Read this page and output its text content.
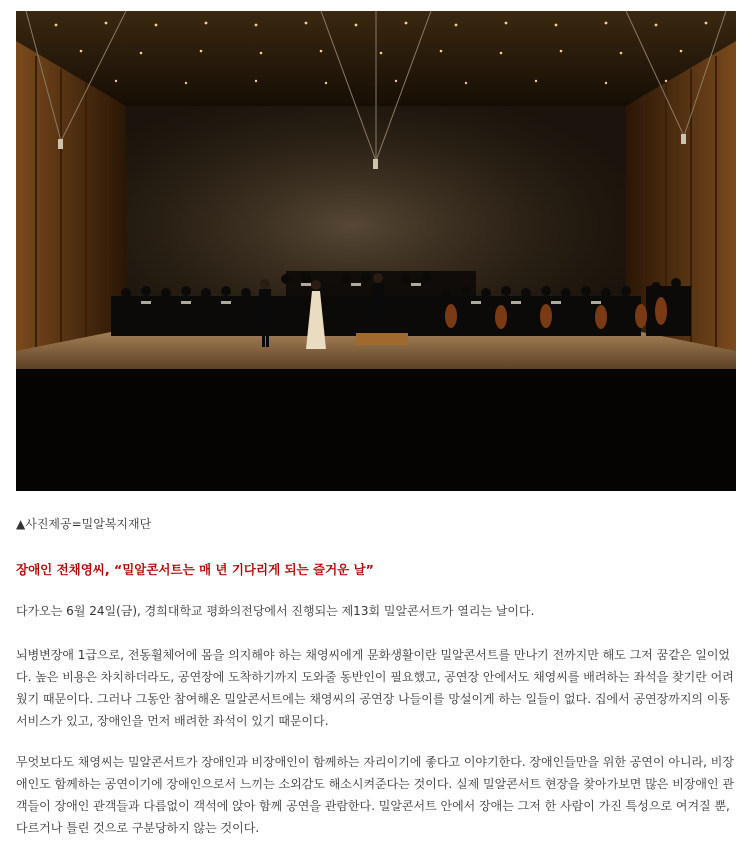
▲사진제공=밀알복지재단
장애인 전채영씨, “밀알콘서트는 매 년 기다리게 되는 즐거운 날”

다가오는 6월 24일(금), 경희대학교 평화의전당에서 진행되는 제13회 밀알콘서트가 열리는 날이다.

뇌병변장애 1급으로, 전동휠체어에 몸을 의지해야 하는 채영씨에게 문화생활이란 밀알콘서트를 만나기 전까지만 해도 그저 꿈같은 일이었다. 높은 비용은 차치하더라도, 공연장에 도착하기까지 도와줄 동반인이 필요했고, 공연장 안에서도 채영씨를 배려하는 좌석을 찾기란 어려웠기 때문이다. 그러나 그동안 참여해온 밀알콘서트에는 채영씨의 공연장 나들이를 망설이게 하는 일들이 없다. 집에서 공연장까지의 이동서비스가 있고, 장애인을 먼저 배려한 좌석이 있기 때문이다.

무엇보다도 채영씨는 밀알콘서트가 장애인과 비장애인이 함께하는 자리이기에 좋다고 이야기한다. 장애인들만을 위한 공연이 아니라, 비장애인도 함께하는 공연이기에 장애인으로서 느끼는 소외감도 해소시켜준다는 것이다. 실제 밀알콘서트 현장을 찾아가보면 많은 비장애인 관객들이 장애인 관객들과 다름없이 객석에 앉아 함께 공연을 관람한다. 밀알콘서트 안에서 장애는 그저 한 사람이 가진 특성으로 여겨질 뿐, 다르거나 틀린 것으로 구분당하지 않는 것이다.
